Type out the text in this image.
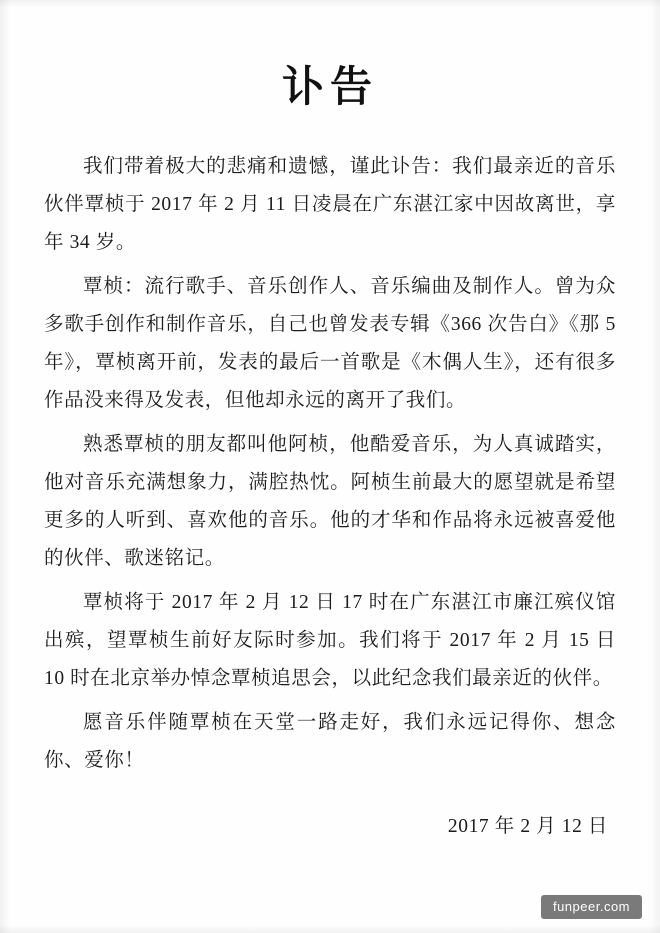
讣告

我们带着极大的悲痛和遗憾，谨此讣告：我们最亲近的音乐伙伴覃桢于 2017 年 2 月 11 日凌晨在广东湛江家中因故离世，享年 34 岁。

覃桢：流行歌手、音乐创作人、音乐编曲及制作人。曾为众多歌手创作和制作音乐，自己也曾发表专辑《366 次告白》《那 5 年》，覃桢离开前，发表的最后一首歌是《木偶人生》，还有很多作品没来得及发表，但他却永远的离开了我们。

熟悉覃桢的朋友都叫他阿桢，他酷爱音乐，为人真诚踏实，他对音乐充满想象力，满腔热忱。阿桢生前最大的愿望就是希望更多的人听到、喜欢他的音乐。他的才华和作品将永远被喜爱他的伙伴、歌迷铭记。

覃桢将于 2017 年 2 月 12 日 17 时在广东湛江市廉江殡仪馆出殡，望覃桢生前好友际时参加。我们将于 2017 年 2 月 15 日 10 时在北京举办悼念覃桢追思会，以此纪念我们最亲近的伙伴。

愿音乐伴随覃桢在天堂一路走好，我们永远记得你、想念你、爱你！

2017 年 2 月 12 日
funpeer.com
